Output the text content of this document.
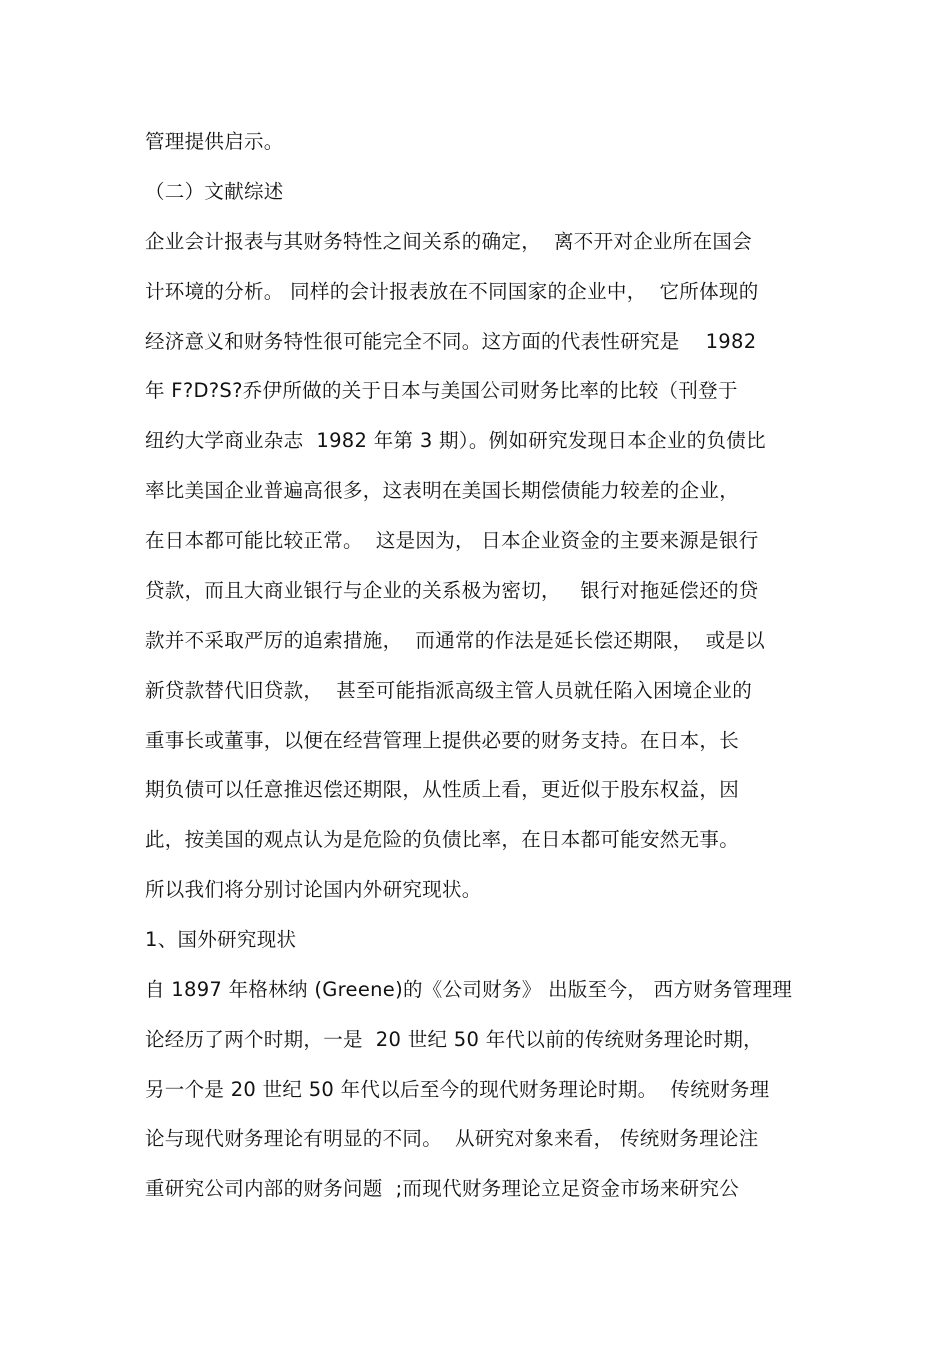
管理提供启示。
（二）文献综述
企业会计报表与其财务特性之间关系的确定，  离不开对企业所在国会
计环境的分析。 同样的会计报表放在不同国家的企业中，  它所体现的
经济意义和财务特性很可能完全不同。这方面的代表性研究是    1982
年 F?D?S?乔伊所做的关于日本与美国公司财务比率的比较（刊登于
纽约大学商业杂志  1982 年第 3 期）。例如研究发现日本企业的负债比
率比美国企业普遍高很多，这表明在美国长期偿债能力较差的企业，
在日本都可能比较正常。  这是因为， 日本企业资金的主要来源是银行
贷款，而且大商业银行与企业的关系极为密切，   银行对拖延偿还的贷
款并不采取严厉的追索措施，  而通常的作法是延长偿还期限，  或是以
新贷款替代旧贷款，  甚至可能指派高级主管人员就任陷入困境企业的
重事长或董事，以便在经营管理上提供必要的财务支持。在日本，长
期负债可以任意推迟偿还期限，从性质上看，更近似于股东权益，因
此，按美国的观点认为是危险的负债比率，在日本都可能安然无事。
所以我们将分别讨论国内外研究现状。
1、国外研究现状
自 1897 年格林纳 (Greene)的《公司财务》 出版至今， 西方财务管理理
论经历了两个时期，一是  20 世纪 50 年代以前的传统财务理论时期，
另一个是 20 世纪 50 年代以后至今的现代财务理论时期。  传统财务理
论与现代财务理论有明显的不同。  从研究对象来看， 传统财务理论注
重研究公司内部的财务问题  ;而现代财务理论立足资金市场来研究公
